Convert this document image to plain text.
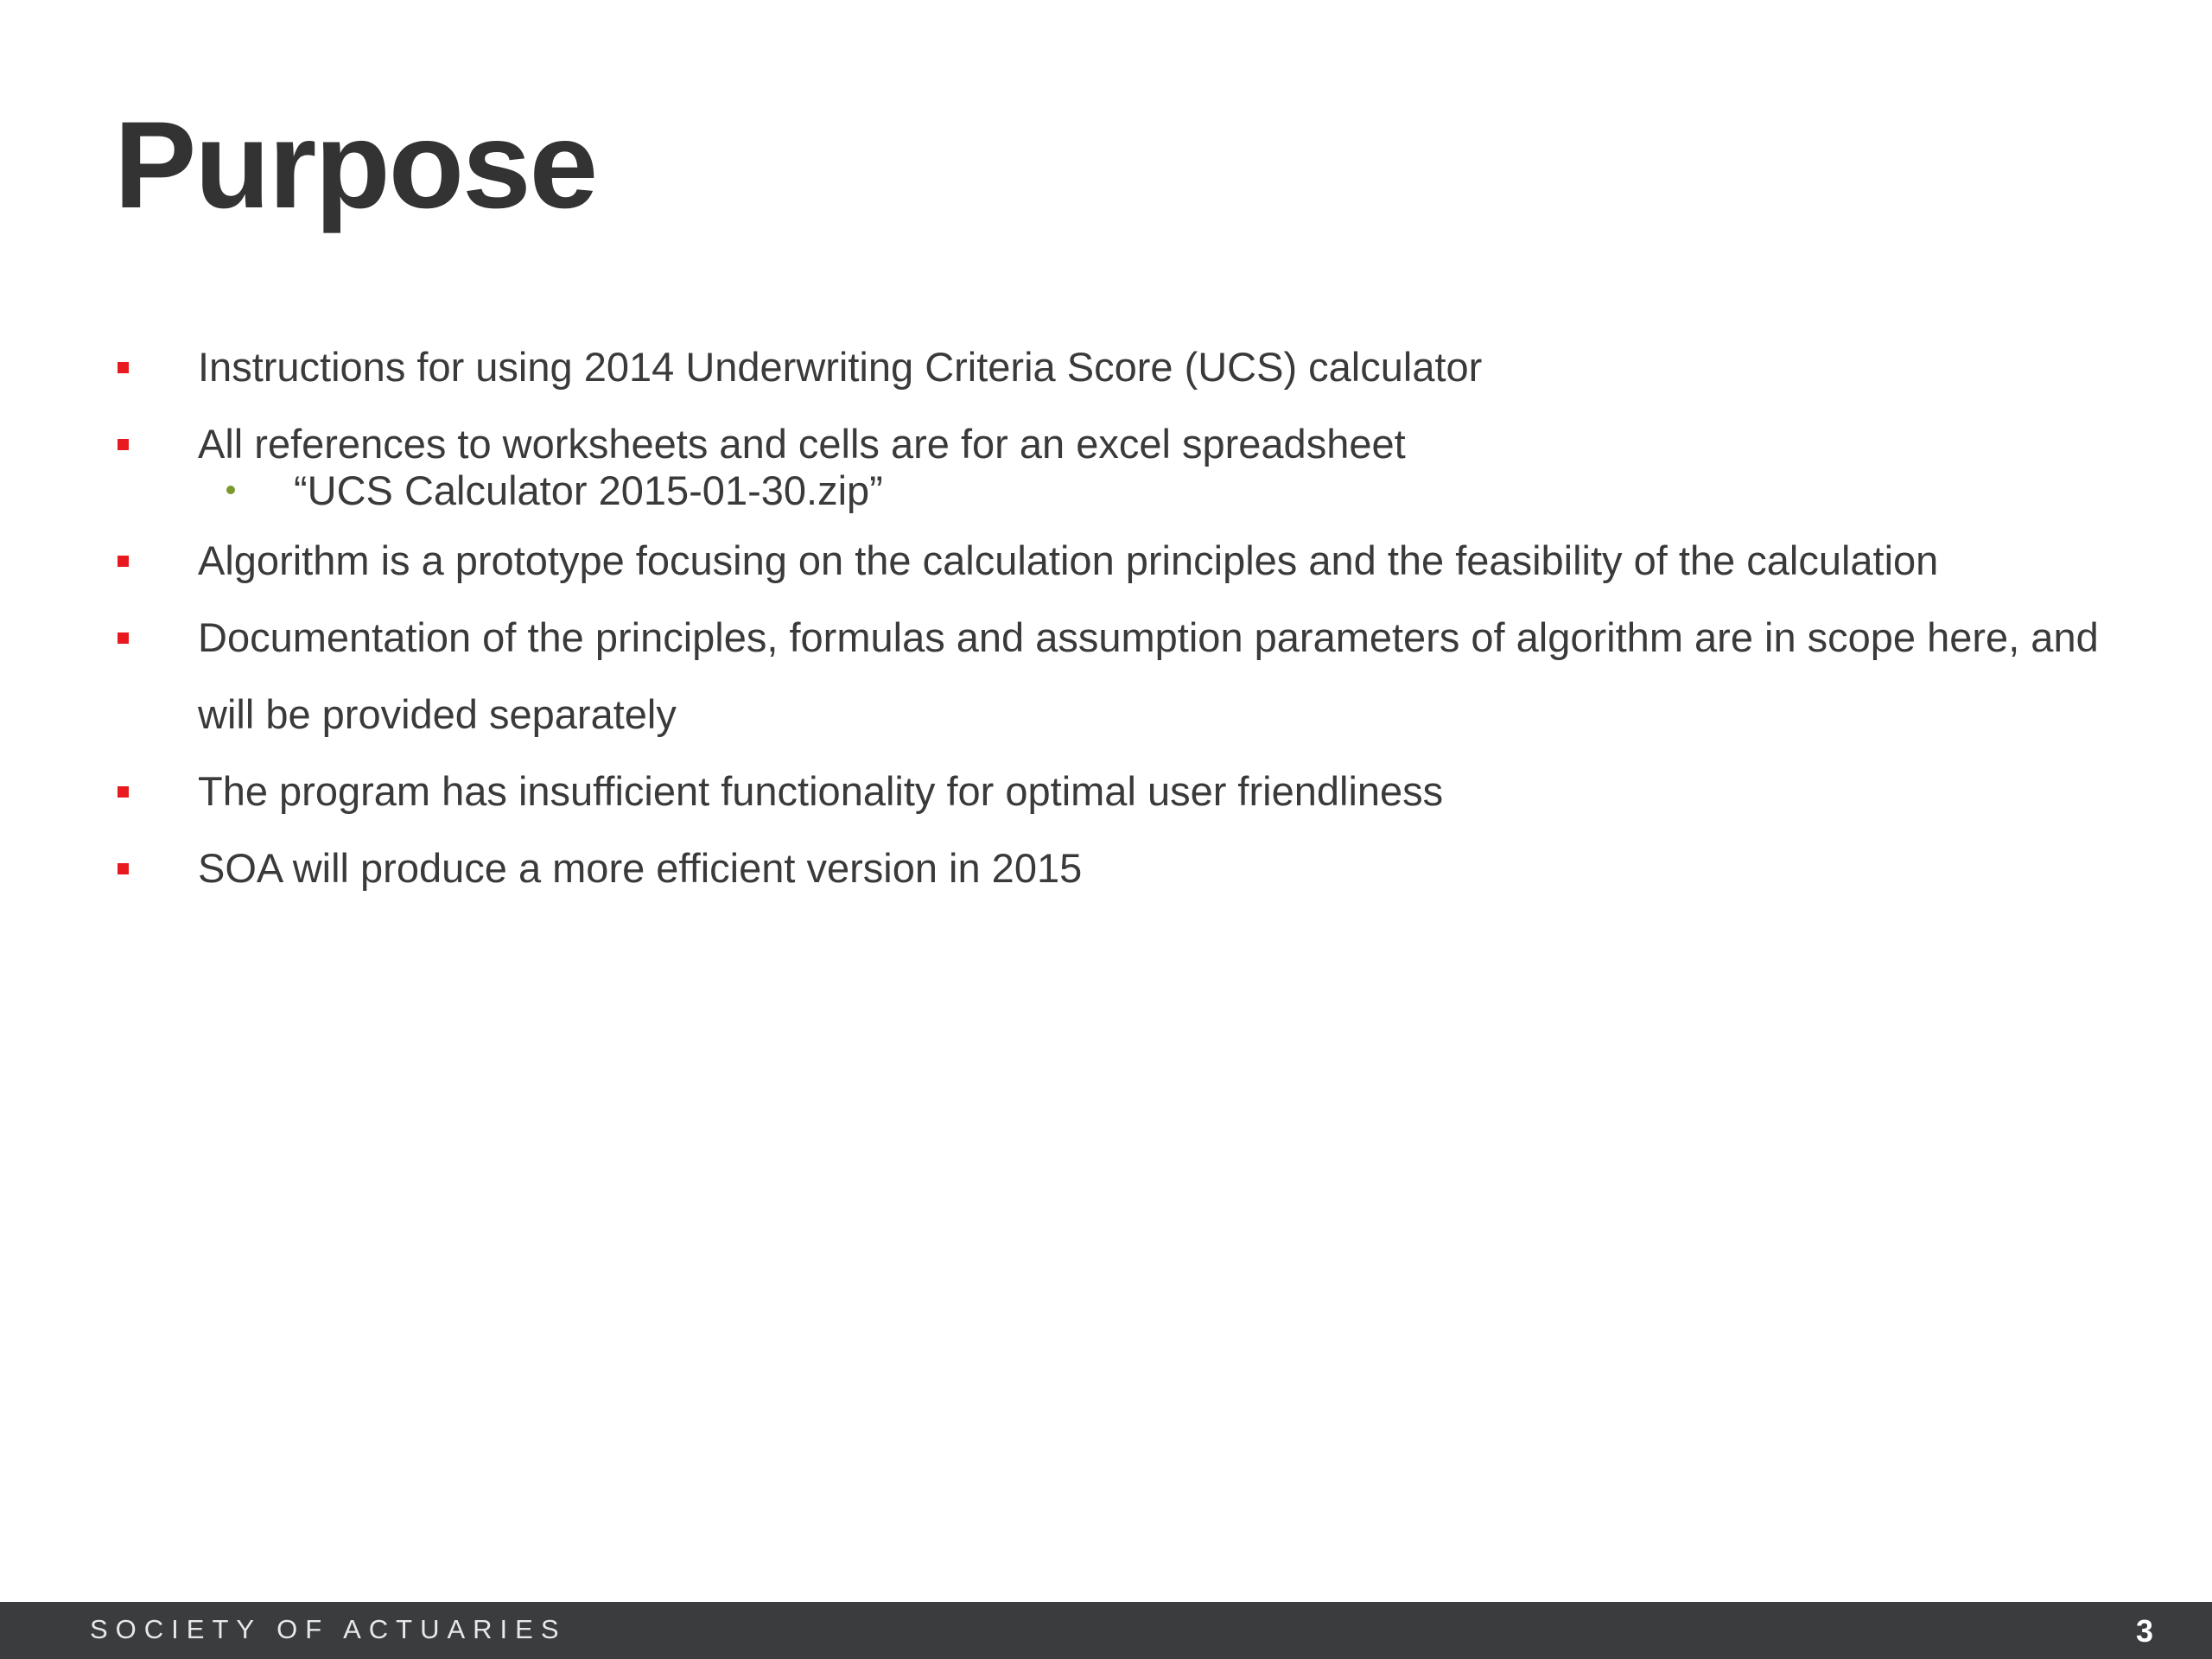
Purpose
Instructions for using 2014 Underwriting Criteria Score (UCS) calculator
All references to worksheets and cells are for an excel spreadsheet
“UCS Calculator 2015-01-30.zip”
Algorithm is a prototype focusing on the calculation principles and the feasibility of the calculation
Documentation of the principles, formulas and assumption parameters of algorithm are in scope here, and will be provided separately
The program has insufficient functionality for optimal user friendliness
SOA will produce a more efficient version in 2015
SOCIETY OF ACTUARIES	3
